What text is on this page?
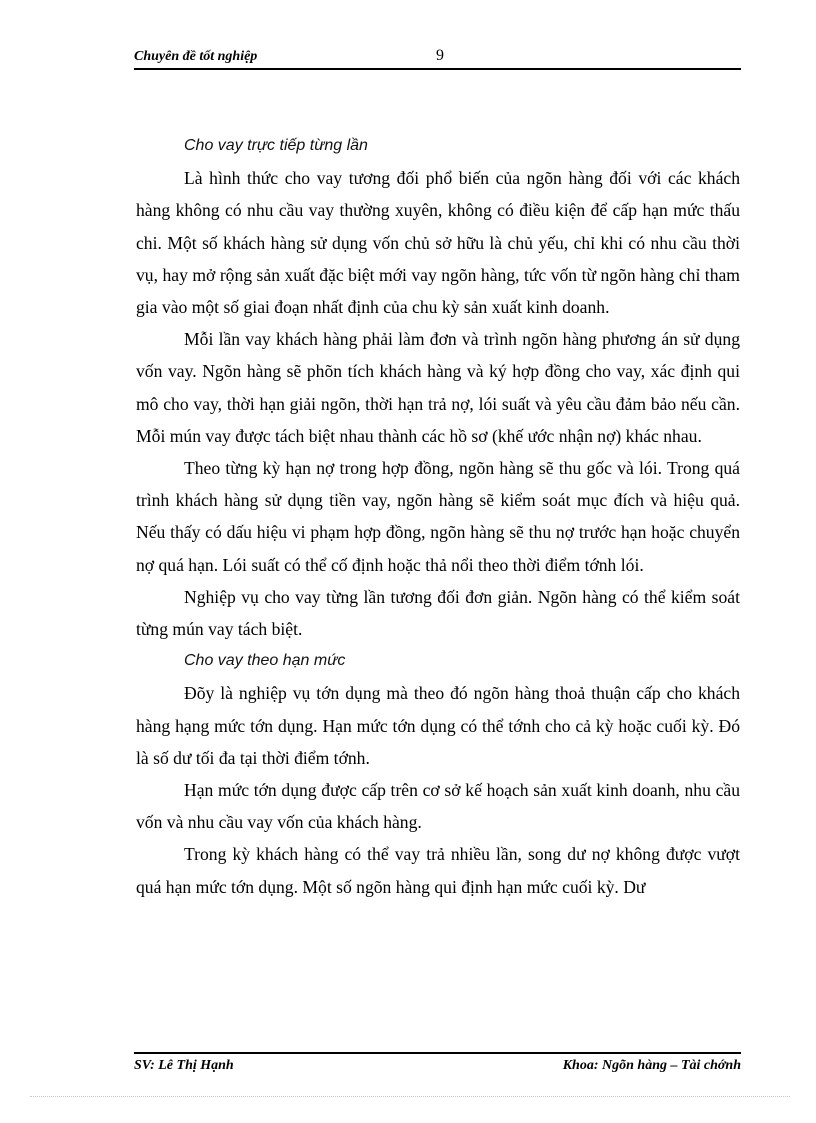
Chuyên đề tốt nghiệp	9

Cho vay trực tiếp từng lần

Là hình thức cho vay tương đối phổ biến của ngõn hàng đối với các khách hàng không có nhu cầu vay thường xuyên, không có điều kiện để cấp hạn mức thấu chi. Một số khách hàng sử dụng vốn chủ sở hữu là chủ yếu, chỉ khi có nhu cầu thời vụ, hay mở rộng sản xuất đặc biệt mới vay ngõn hàng, tức vốn từ ngõn hàng chỉ tham gia vào một số giai đoạn nhất định của chu kỳ sản xuất kinh doanh.

Mỗi lần vay khách hàng phải làm đơn và trình ngõn hàng phương án sử dụng vốn vay. Ngõn hàng sẽ phõn tích khách hàng và ký hợp đồng cho vay, xác định qui mô cho vay, thời hạn giải ngõn, thời hạn trả nợ, lói suất và yêu cầu đảm bảo nếu cần. Mỗi mún vay được tách biệt nhau thành các hồ sơ (khế ước nhận nợ) khác nhau.

Theo từng kỳ hạn nợ trong hợp đồng, ngõn hàng sẽ thu gốc và lói. Trong quá trình khách hàng sử dụng tiền vay, ngõn hàng sẽ kiểm soát mục đích và hiệu quả. Nếu thấy có dấu hiệu vi phạm hợp đồng, ngõn hàng sẽ thu nợ trước hạn hoặc chuyển nợ quá hạn. Lói suất có thể cố định hoặc thả nổi theo thời điểm tớnh lói.

Nghiệp vụ cho vay từng lần tương đối đơn giản. Ngõn hàng có thể kiểm soát từng mún vay tách biệt.

Cho vay theo hạn mức

Đõy là nghiệp vụ tớn dụng mà theo đó ngõn hàng thoả thuận cấp cho khách hàng hạng mức tớn dụng. Hạn mức tớn dụng có thể tớnh cho cả kỳ hoặc cuối kỳ. Đó là số dư tối đa tại thời điểm tớnh.

Hạn mức tớn dụng được cấp trên cơ sở kế hoạch sản xuất kinh doanh, nhu cầu vốn và nhu cầu vay vốn của khách hàng.

Trong kỳ khách hàng có thể vay trả nhiều lần, song dư nợ không được vượt quá hạn mức tớn dụng. Một số ngõn hàng qui định hạn mức cuối kỳ. Dư

SV: Lê Thị Hạnh	Khoa: Ngõn hàng – Tài chớnh
